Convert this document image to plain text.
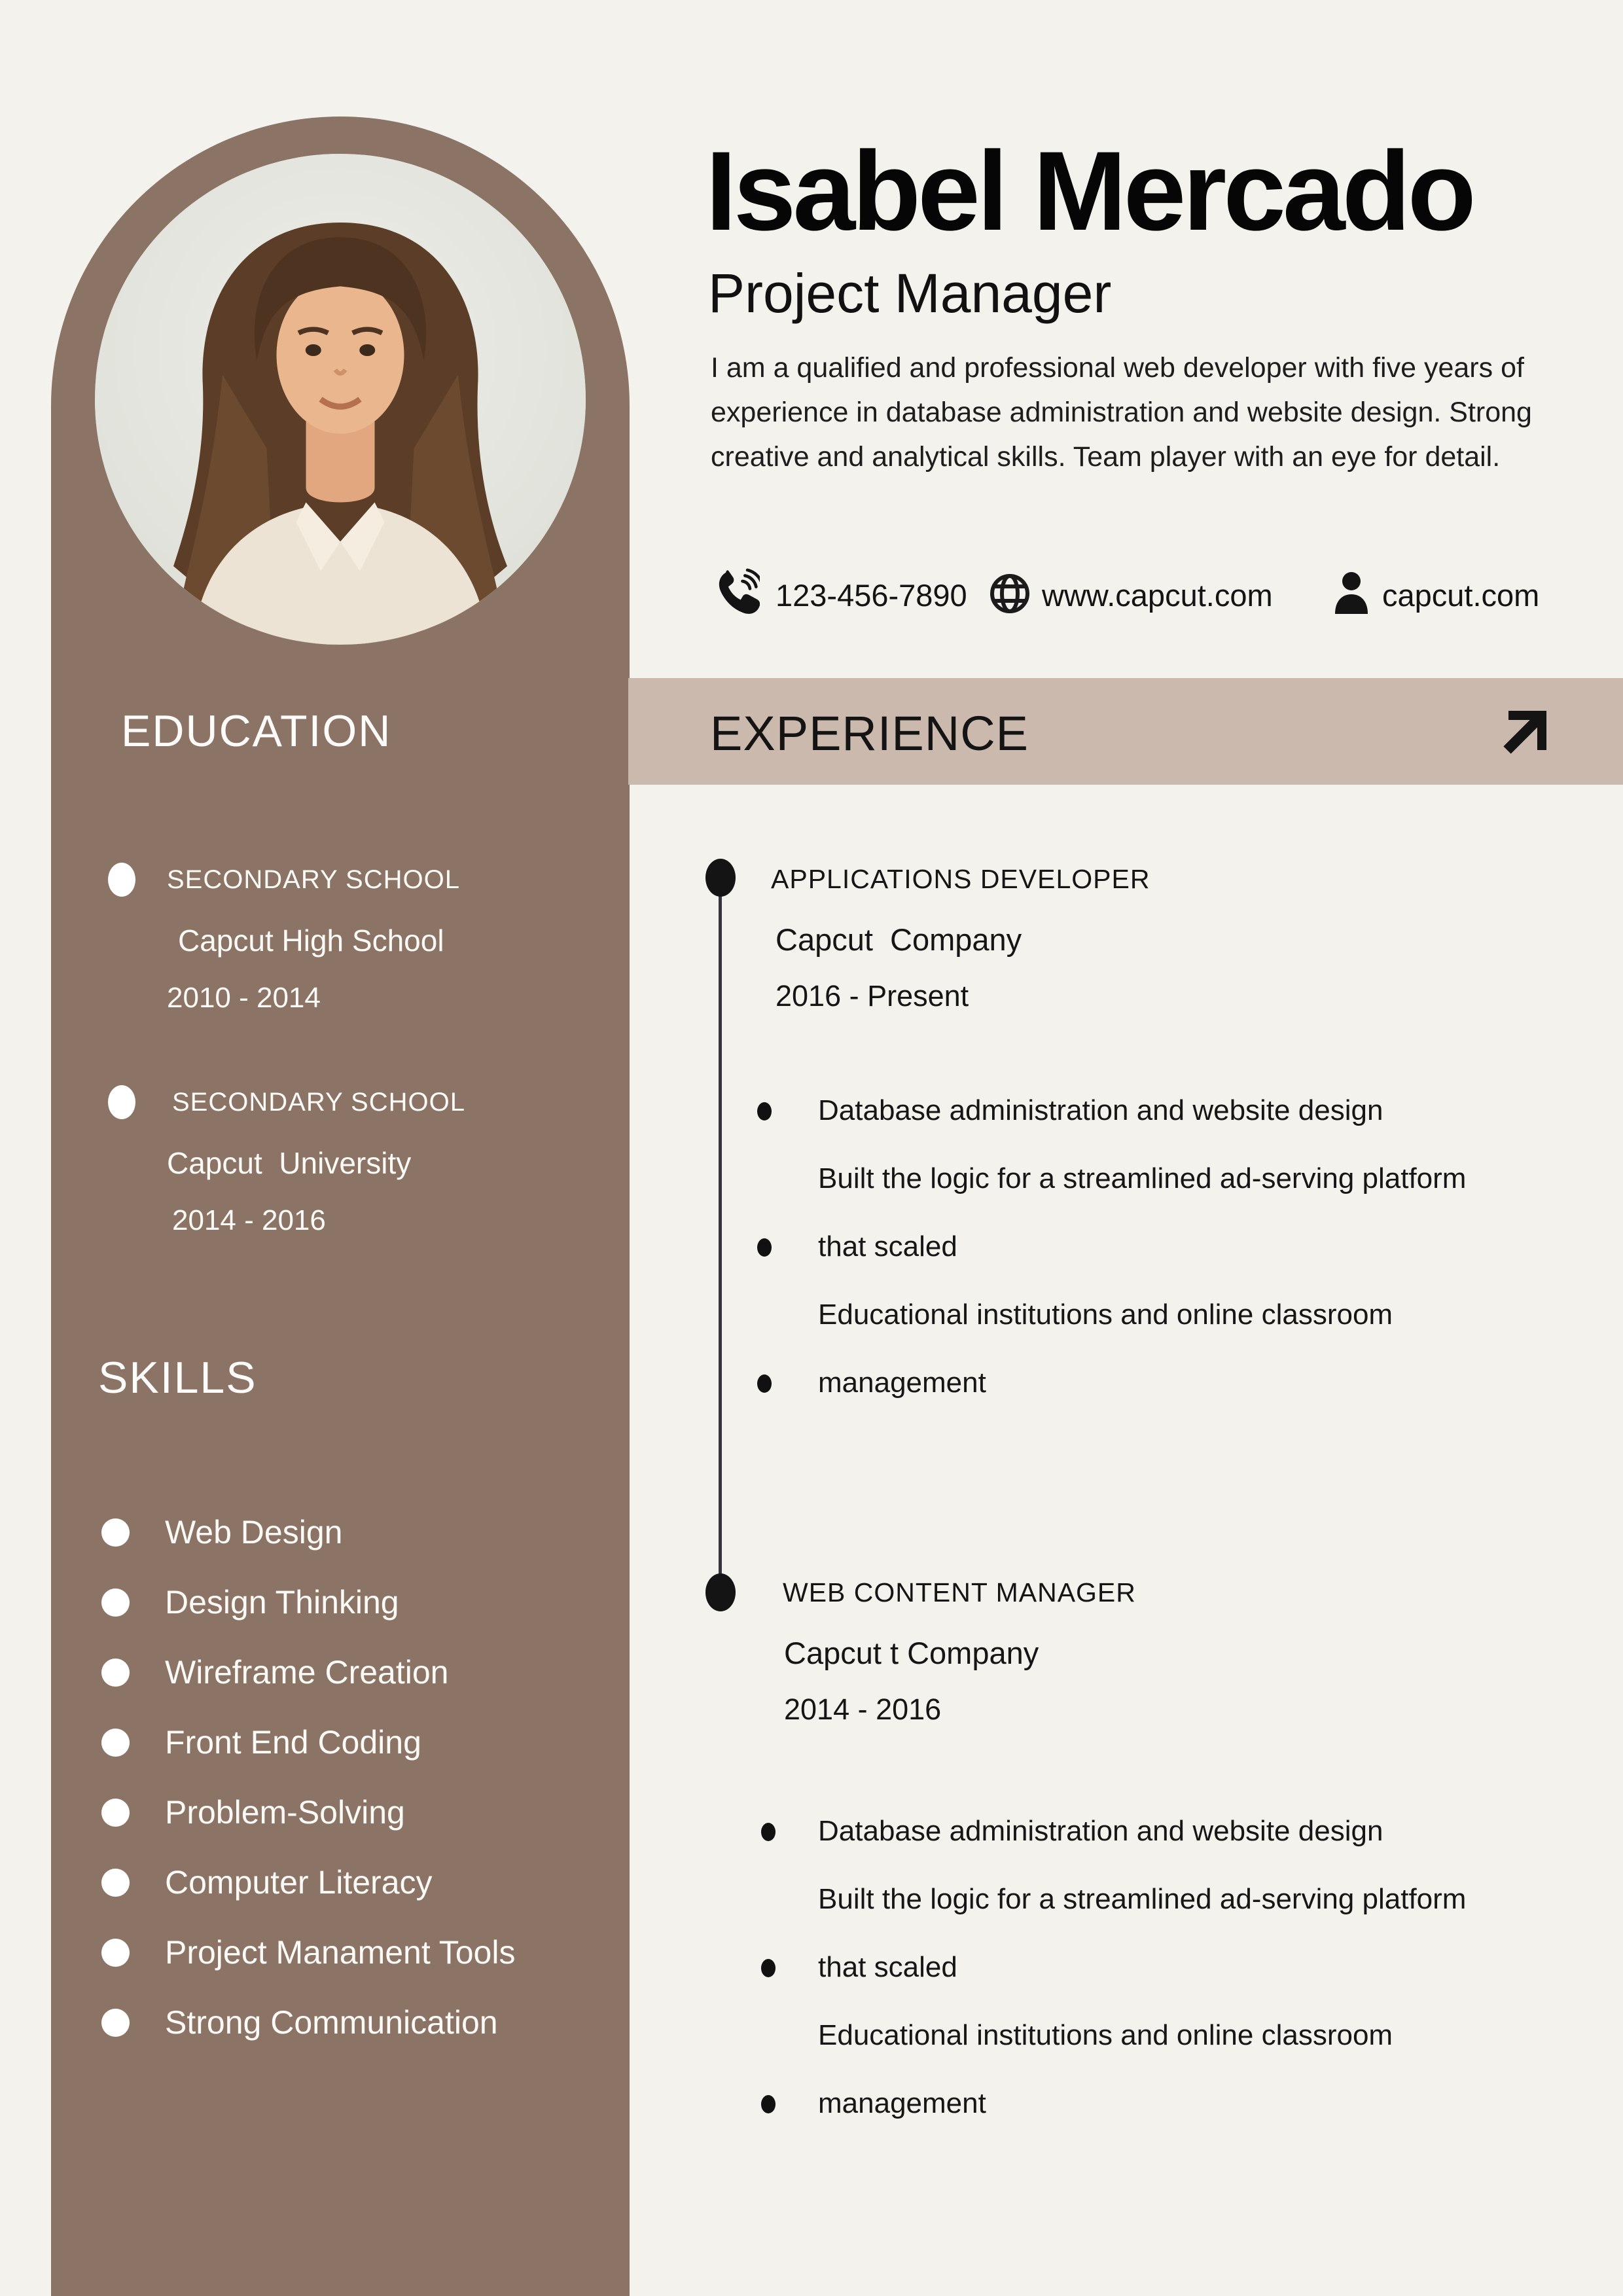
Isabel Mercado
Project Manager
I am a qualified and professional web developer with five years of experience in database administration and website design. Strong creative and analytical skills. Team player with an eye for detail.
123-456-7890 www.capcut.com	capcut.com
EXPERIENCE
EDUCATION
SECONDARY SCHOOL
Capcut High School
2010 - 2014
SECONDARY SCHOOL
Capcut  University
2014 - 2016
SKILLS
Web Design
Design Thinking
Wireframe Creation
Front End Coding
Problem-Solving
Computer Literacy
Project Manament Tools
Strong Communication
APPLICATIONS DEVELOPER
Capcut  Company
2016 - Present
Database administration and website design
Built the logic for a streamlined ad-serving platform
that scaled
Educational institutions and online classroom
management
WEB CONTENT MANAGER
Capcut t Company
2014 - 2016
Database administration and website design
Built the logic for a streamlined ad-serving platform
that scaled
Educational institutions and online classroom
management
